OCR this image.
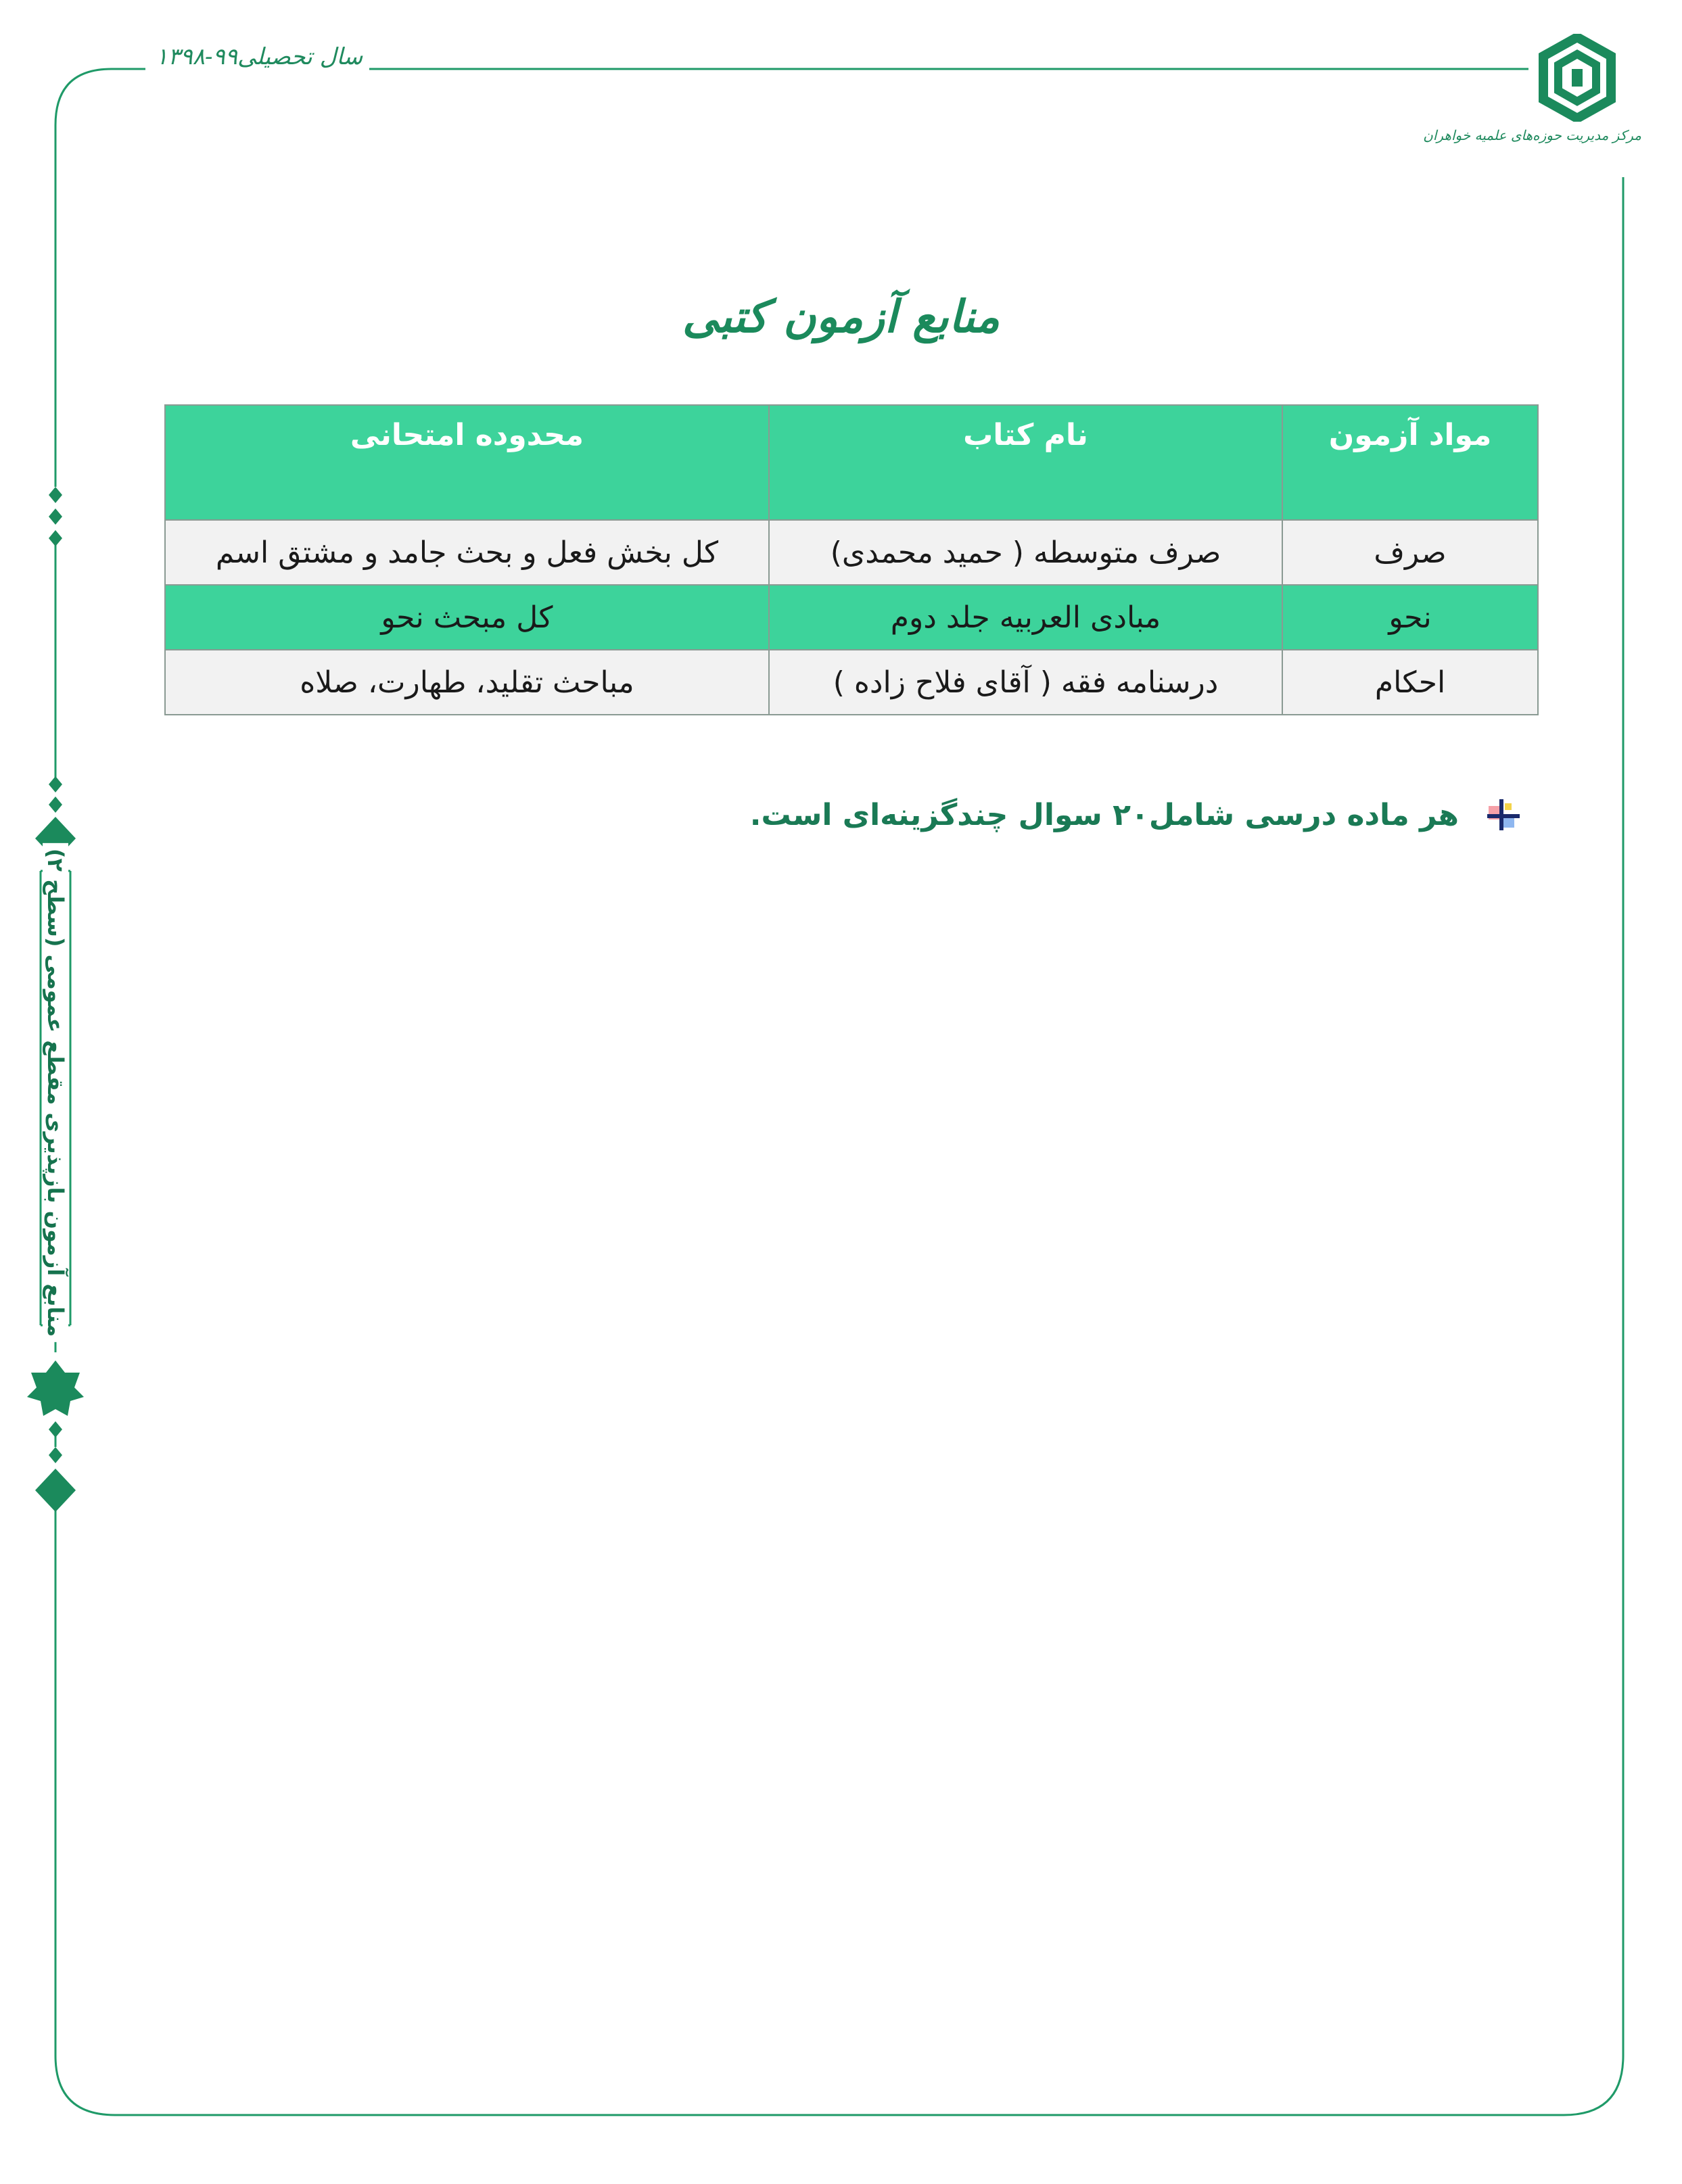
سال تحصیلی۹۹-۱۳۹۸
مرکز مدیریت حوزه‌های علمیه خواهران
منابع آزمون کتبی
مواد آزمون	نام کتاب	محدوده امتحانی
صرف	صرف متوسطه ( حمید محمدی)	کل بخش فعل و بحث جامد و مشتق اسم
نحو	مبادی العربیه جلد دوم	کل مبحث نحو
احکام	درسنامه فقه ( آقای فلاح زاده )	مباحث تقلید، طهارت، صلاه
هر ماده درسی شامل۲۰ سوال چندگزینه‌ای است.
منابع آزمون بازپذیری مقطع عمومی (سطح ۲)
